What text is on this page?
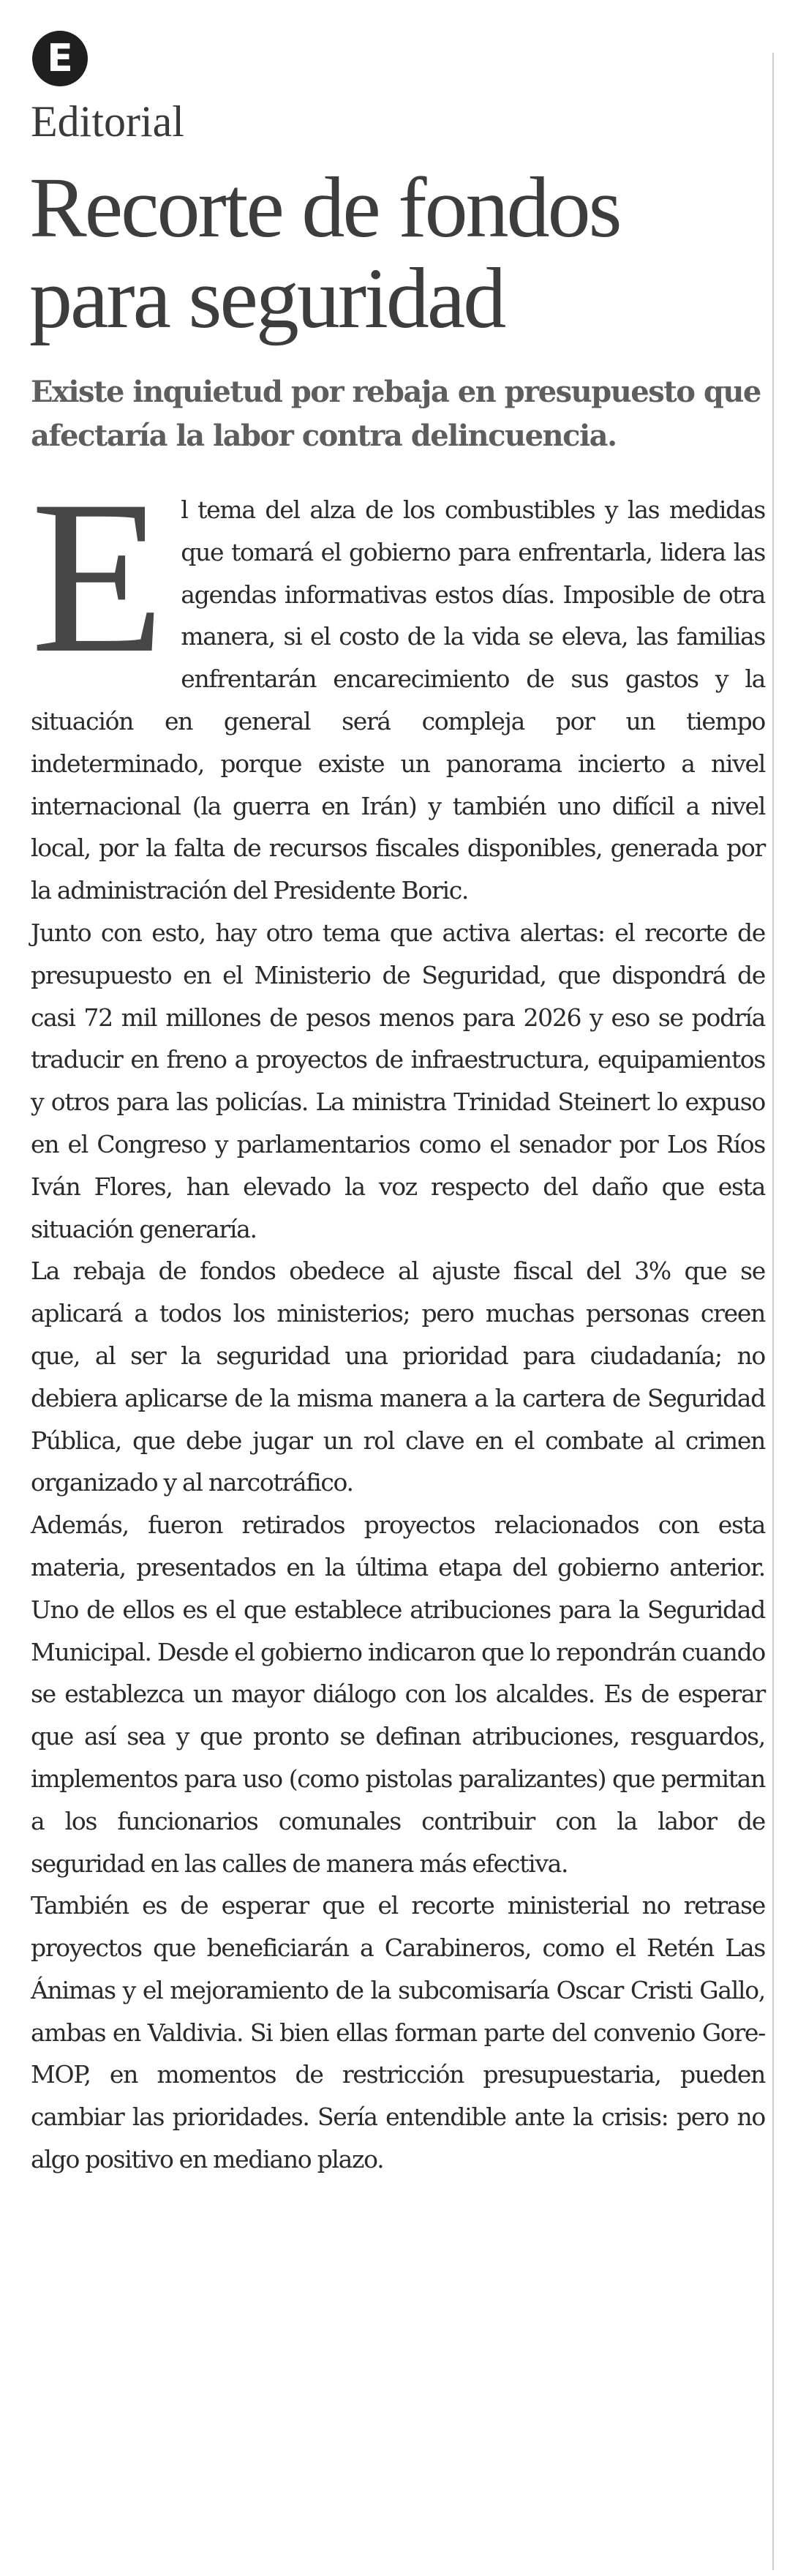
E
Editorial
Recorte de fondos para seguridad
Existe inquietud por rebaja en presupuesto que afectaría la labor contra delincuencia.

El tema del alza de los combustibles y las medidas que tomará el gobierno para enfrentarla, lidera las agendas informativas estos días. Imposible de otra manera, si el costo de la vida se eleva, las familias enfrentarán encarecimiento de sus gastos y la situación en general será compleja por un tiempo indeterminado, porque existe un panorama incierto a nivel internacional (la guerra en Irán) y también uno difícil a nivel local, por la falta de recursos fiscales disponibles, generada por la administración del Presidente Boric.

Junto con esto, hay otro tema que activa alertas: el recorte de presupuesto en el Ministerio de Seguridad, que dispondrá de casi 72 mil millones de pesos menos para 2026 y eso se podría traducir en freno a proyectos de infraestructura, equipamientos y otros para las policías. La ministra Trinidad Steinert lo expuso en el Congreso y parlamentarios como el senador por Los Ríos Iván Flores, han elevado la voz respecto del daño que esta situación generaría.

La rebaja de fondos obedece al ajuste fiscal del 3% que se aplicará a todos los ministerios; pero muchas personas creen que, al ser la seguridad una prioridad para ciudadanía; no debiera aplicarse de la misma manera a la cartera de Seguridad Pública, que debe jugar un rol clave en el combate al crimen organizado y al narcotráfico.

Además, fueron retirados proyectos relacionados con esta materia, presentados en la última etapa del gobierno anterior. Uno de ellos es el que establece atribuciones para la Seguridad Municipal. Desde el gobierno indicaron que lo repondrán cuando se establezca un mayor diálogo con los alcaldes. Es de esperar que así sea y que pronto se definan atribuciones, resguardos, implementos para uso (como pistolas paralizantes) que permitan a los funcionarios comunales contribuir con la labor de seguridad en las calles de manera más efectiva.

También es de esperar que el recorte ministerial no retrase proyectos que beneficiarán a Carabineros, como el Retén Las Ánimas y el mejoramiento de la subcomisaría Oscar Cristi Gallo, ambas en Valdivia. Si bien ellas forman parte del convenio Gore-MOP, en momentos de restricción presupuestaria, pueden cambiar las prioridades. Sería entendible ante la crisis: pero no algo positivo en mediano plazo.
